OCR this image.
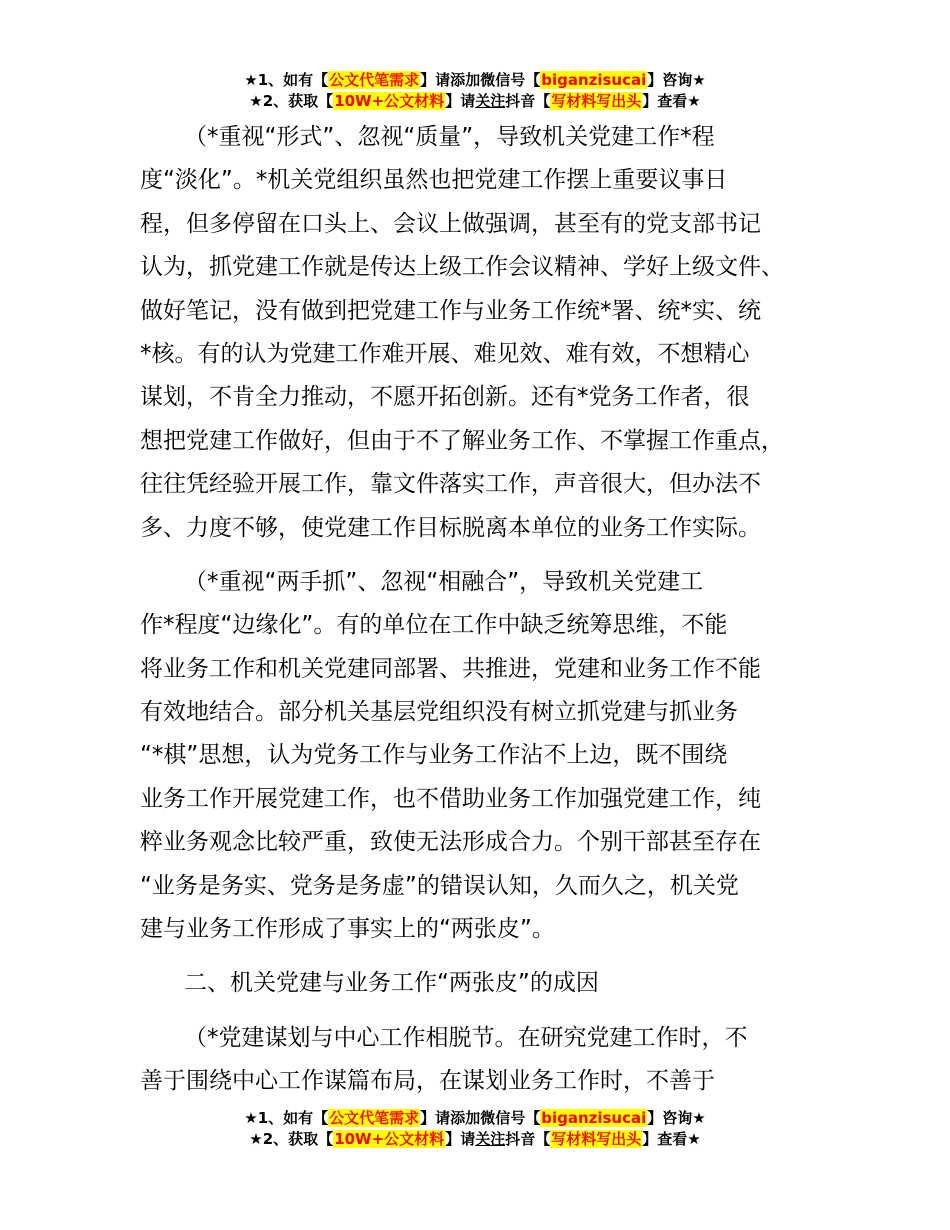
★1、如有【公文代笔需求】请添加微信号【biganzisucai】咨询★
★2、获取【10W+公文材料】请关注抖音【写材料写出头】查看★
（*重视“形式”、忽视“质量”，导致机关党建工作*程
度“淡化”。*机关党组织虽然也把党建工作摆上重要议事日
程，但多停留在口头上、会议上做强调，甚至有的党支部书记
认为，抓党建工作就是传达上级工作会议精神、学好上级文件、
做好笔记，没有做到把党建工作与业务工作统*署、统*实、统
*核。有的认为党建工作难开展、难见效、难有效，不想精心
谋划，不肯全力推动，不愿开拓创新。还有*党务工作者，很
想把党建工作做好，但由于不了解业务工作、不掌握工作重点，
往往凭经验开展工作，靠文件落实工作，声音很大，但办法不
多、力度不够，使党建工作目标脱离本单位的业务工作实际。
（*重视“两手抓”、忽视“相融合”，导致机关党建工
作*程度“边缘化”。有的单位在工作中缺乏统筹思维，不能
将业务工作和机关党建同部署、共推进，党建和业务工作不能
有效地结合。部分机关基层党组织没有树立抓党建与抓业务
“*棋”思想，认为党务工作与业务工作沾不上边，既不围绕
业务工作开展党建工作，也不借助业务工作加强党建工作，纯
粹业务观念比较严重，致使无法形成合力。个别干部甚至存在
“业务是务实、党务是务虚”的错误认知，久而久之，机关党
建与业务工作形成了事实上的“两张皮”。
二、机关党建与业务工作“两张皮”的成因
（*党建谋划与中心工作相脱节。在研究党建工作时，不
善于围绕中心工作谋篇布局，在谋划业务工作时，不善于
★1、如有【公文代笔需求】请添加微信号【biganzisucai】咨询★
★2、获取【10W+公文材料】请关注抖音【写材料写出头】查看★
